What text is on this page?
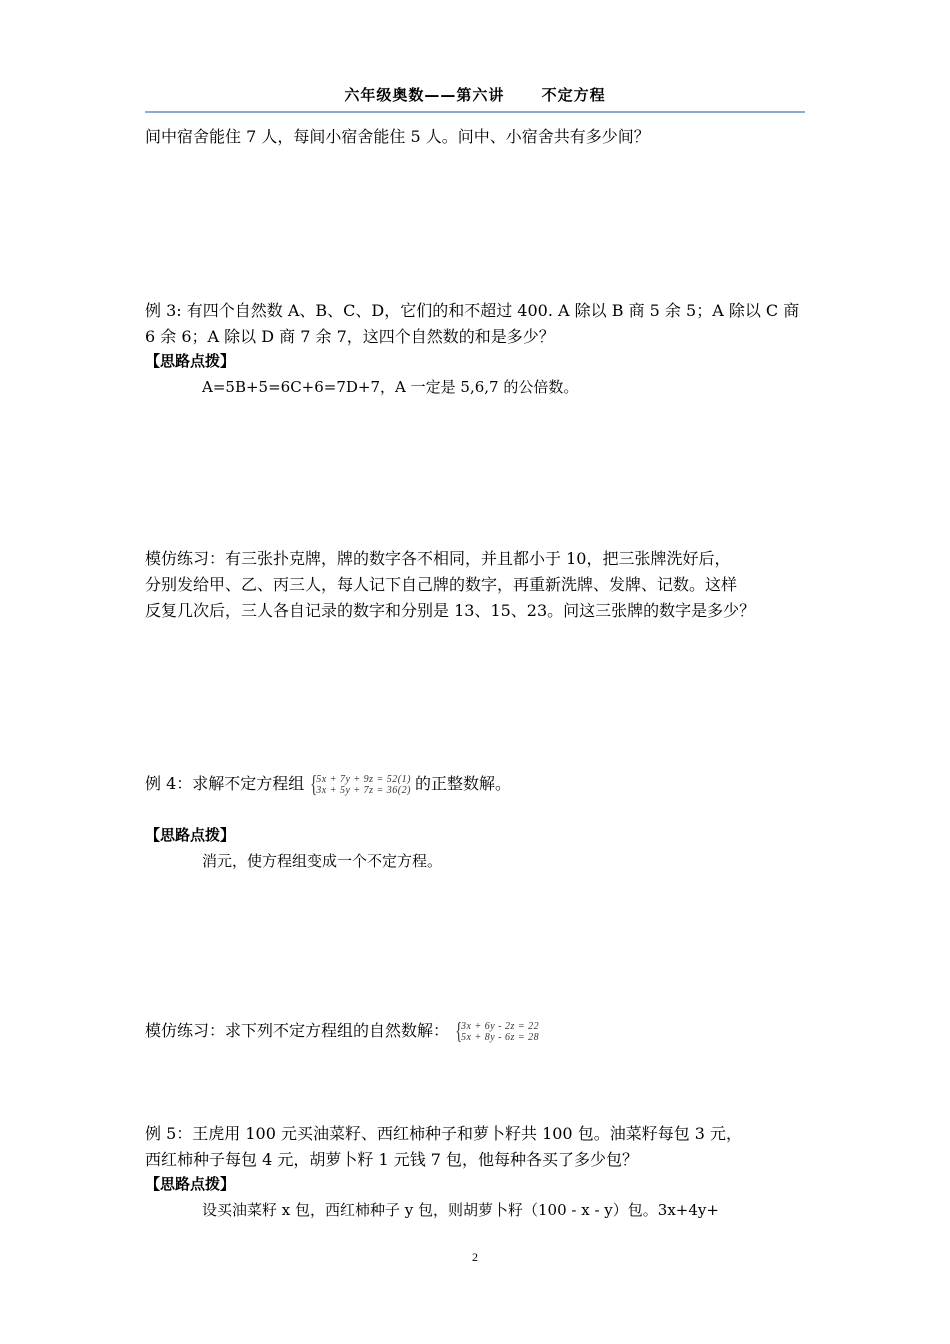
六年级奥数——第六讲      不定方程
间中宿舍能住 7 人，每间小宿舍能住 5 人。问中、小宿舍共有多少间？
例 3: 有四个自然数 A、B、C、D，它们的和不超过 400. A 除以 B 商 5 余 5；A 除以 C 商
6 余 6；A 除以 D 商 7 余 7，这四个自然数的和是多少？
【思路点拨】
A=5B+5=6C+6=7D+7，A 一定是 5,6,7 的公倍数。
模仿练习：有三张扑克牌，牌的数字各不相同，并且都小于 10，把三张牌洗好后，
分别发给甲、乙、丙三人，每人记下自己牌的数字，再重新洗牌、发牌、记数。这样
反复几次后，三人各自记录的数字和分别是 13、15、23。问这三张牌的数字是多少？
例 4：求解不定方程组 {
5x + 7y + 9z = 52(1)
3x + 5y + 7z = 36(2) 的正整数解。
【思路点拨】
消元，使方程组变成一个不定方程。
模仿练习：求下列不定方程组的自然数解： {
3x + 6y - 2z = 22
5x + 8y - 6z = 28
例 5：王虎用 100 元买油菜籽、西红柿种子和萝卜籽共 100 包。油菜籽每包 3 元，
西红柿种子每包 4 元，胡萝卜籽 1 元钱 7 包，他每种各买了多少包？
【思路点拨】
设买油菜籽 x 包，西红柿种子 y 包，则胡萝卜籽（100 - x - y）包。3x+4y+
2
